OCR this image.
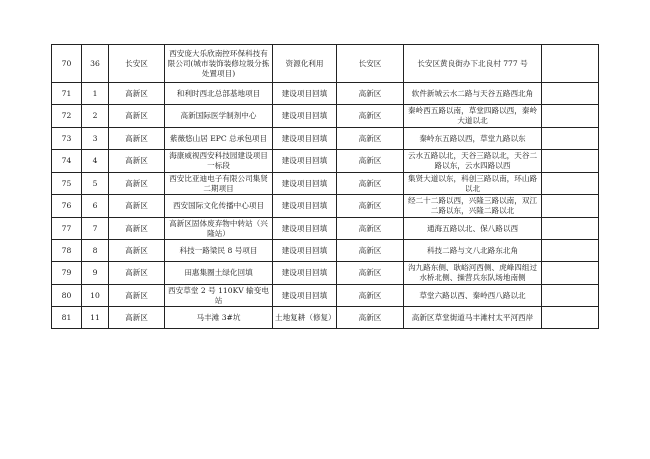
70	36	长安区	西安庞大乐欣南控环保科技有限公司(城市装饰装修垃圾分拣处置项目)	资源化利用	长安区	长安区黄良街办下北良村 777 号	
71	1	高新区	和利时西北总部基地项目	建设项目回填	高新区	软件新城云水二路与天谷五路西北角	
72	2	高新区	高新国际医学制剂中心	建设项目回填	高新区	秦岭西五路以南，草堂四路以西，秦岭大道以北	
73	3	高新区	紫薇悠山居 EPC 总承包项目	建设项目回填	高新区	秦岭东五路以西，草堂九路以东	
74	4	高新区	海康威视西安科技园建设项目一标段	建设项目回填	高新区	云水五路以北，天谷三路以北，天谷二路以东，云水四路以西	
75	5	高新区	西安比亚迪电子有限公司集贤二期项目	建设项目回填	高新区	集贤大道以东，科创三路以南，环山路以北	
76	6	高新区	西安国际文化传播中心项目	建设项目回填	高新区	经二十二路以西，兴隆三路以南，双江二路以东，兴隆二路以北	
77	7	高新区	高新区固体废弃物中转站（兴隆站）	建设项目回填	高新区	通海五路以北、保八路以西	
78	8	高新区	科技一路梁民 8 号项目	建设项目回填	高新区	科技二路与文八北路东北角	
79	9	高新区	田惠集圈土绿化回填	建设项目回填	高新区	沟九路东侧、耿峪河西侧、虎峰四组过水桥北侧、操营兵东队场地南侧	
80	10	高新区	西安草堂 2 号 110KV 输变电站	建设项目回填	高新区	草堂六路以西、秦岭西八路以北	
81	11	高新区	马丰滩 3#坑	土地复耕（修复）	高新区	高新区草堂街道马丰滩村太平河西岸	
